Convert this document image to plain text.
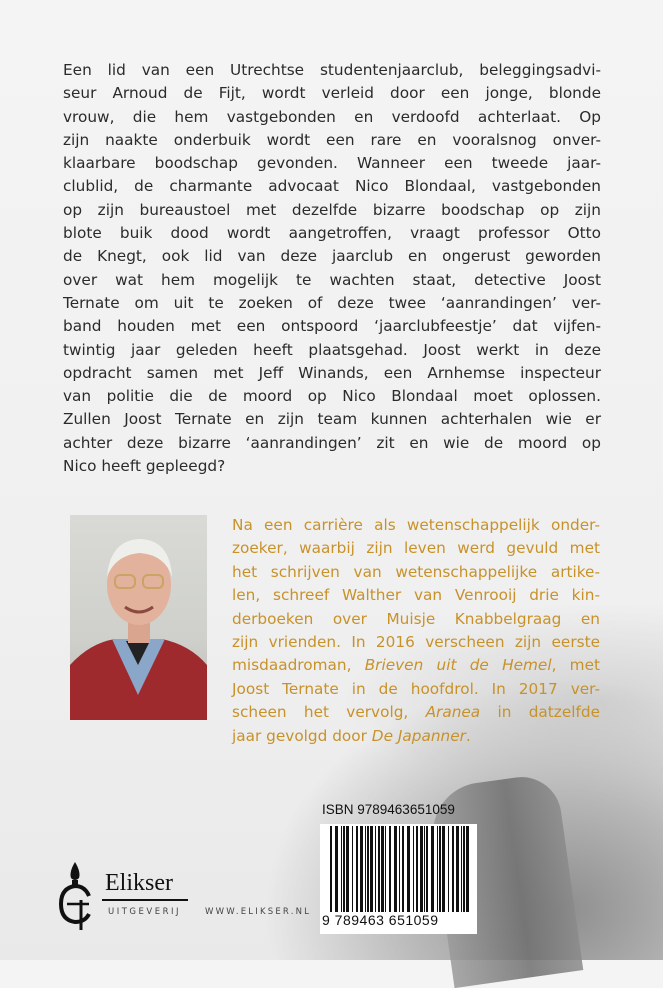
Een lid van een Utrechtse studentenjaarclub, beleggingsadvi-
seur Arnoud de Fijt, wordt verleid door een jonge, blonde
vrouw, die hem vastgebonden en verdoofd achterlaat. Op
zijn naakte onderbuik wordt een rare en vooralsnog onver-
klaarbare boodschap gevonden. Wanneer een tweede jaar-
clublid, de charmante advocaat Nico Blondaal, vastgebonden
op zijn bureaustoel met dezelfde bizarre boodschap op zijn
blote buik dood wordt aangetroffen, vraagt professor Otto
de Knegt, ook lid van deze jaarclub en ongerust geworden
over wat hem mogelijk te wachten staat, detective Joost
Ternate om uit te zoeken of deze twee ‘aanrandingen’ ver-
band houden met een ontspoord ‘jaarclubfeestje’ dat vijfen-
twintig jaar geleden heeft plaatsgehad. Joost werkt in deze
opdracht samen met Jeff Winands, een Arnhemse inspecteur
van politie die de moord op Nico Blondaal moet oplossen.
Zullen Joost Ternate en zijn team kunnen achterhalen wie er
achter deze bizarre ‘aanrandingen’ zit en wie de moord op
Nico heeft gepleegd?
Na een carrière als wetenschappelijk onder-
zoeker, waarbij zijn leven werd gevuld met
het schrijven van wetenschappelijke artike-
len, schreef Walther van Venrooij drie kin-
derboeken over Muisje Knabbelgraag en
zijn vrienden. In 2016 verscheen zijn eerste
misdaadroman, Brieven uit de Hemel, met
Joost Ternate in de hoofdrol. In 2017 ver-
scheen het vervolg, Aranea in datzelfde
jaar gevolgd door De Japanner.
Elikser
UITGEVERIJ	WWW.ELIKSER.NL
ISBN 9789463651059
9 789463 651059
